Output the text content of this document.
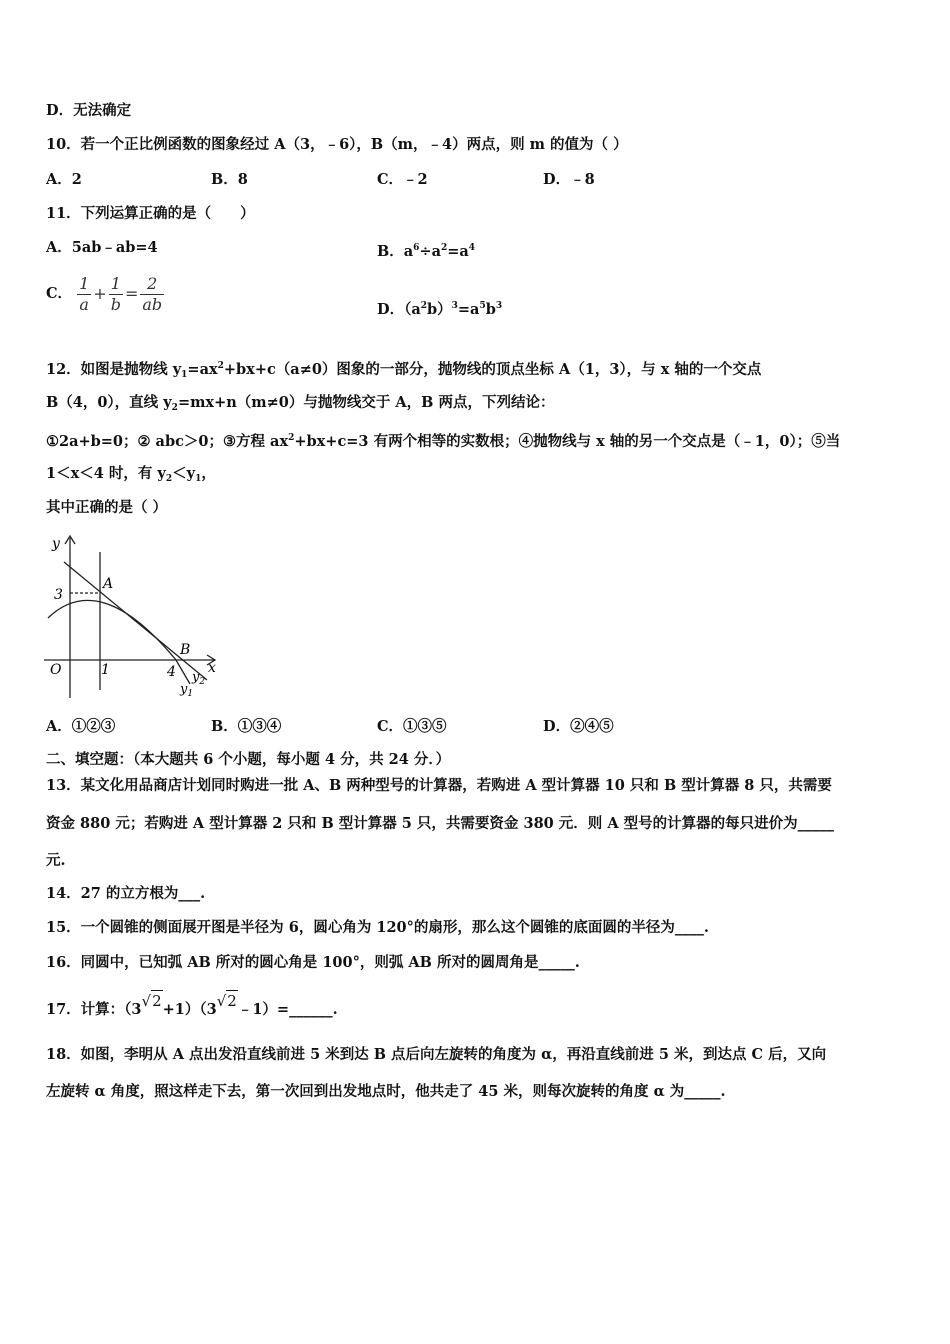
D．无法确定
10．若一个正比例函数的图象经过 A（3，﹣6），B（m，﹣4）两点，则 m 的值为（ ）
A．2	B．8	C．﹣2	D．﹣8
11．下列运算正确的是（　　）
A．5ab﹣ab=4	B．$a^6\div a^2=a^4$
C． $\frac{1}{a} + \frac{1}{b} = \frac{2}{ab}$	D．$(a^2b)^3=a^5b^3$
12．如图是抛物线 $y_1=ax^2+bx+c(a\ne 0)$图象的一部分，抛物线的顶点坐标 A（1，3），与 x 轴的一个交点
B（4，0），直线 $y_2=mx+n(m\ne 0)$与抛物线交于 A，B 两点，下列结论：
①2a+b=0；② abc＞0；③方程 $ax^2+bx+c=3$ 有两个相等的实数根；④抛物线与 x 轴的另一个交点是（﹣1，0）；⑤当
1＜x＜4 时，有 $y_2<y_1$，
其中正确的是（ ）
y
x
O
3
1	4
A
B
$y_2$
$y_1$
A．①②③	B．①③④	C．①③⑤	D．②④⑤
二、填空题：（本大题共 6 个小题，每小题 4 分，共 24 分．）
13．某文化用品商店计划同时购进一批 A、B 两种型号的计算器，若购进 A 型计算器 10 只和 B 型计算器 8 只，共需要
资金 880 元；若购进 A 型计算器 2 只和 B 型计算器 5 只，共需要资金 380 元．则 A 型号的计算器的每只进价为_____
元.
14．27 的立方根为___.
15．一个圆锥的侧面展开图是半径为 6，圆心角为 120°的扇形，那么这个圆锥的底面圆的半径为____.
16．同圆中，已知弧 AB 所对的圆心角是 100°，则弧 AB 所对的圆周角是_____.
17．计算：（3√2+1）（3√2﹣1）=______.
18．如图，李明从 A 点出发沿直线前进 5 米到达 B 点后向左旋转的角度为 α，再沿直线前进 5 米，到达点 C 后，又向
左旋转 α 角度，照这样走下去，第一次回到出发地点时，他共走了 45 米，则每次旋转的角度 α 为_____.
